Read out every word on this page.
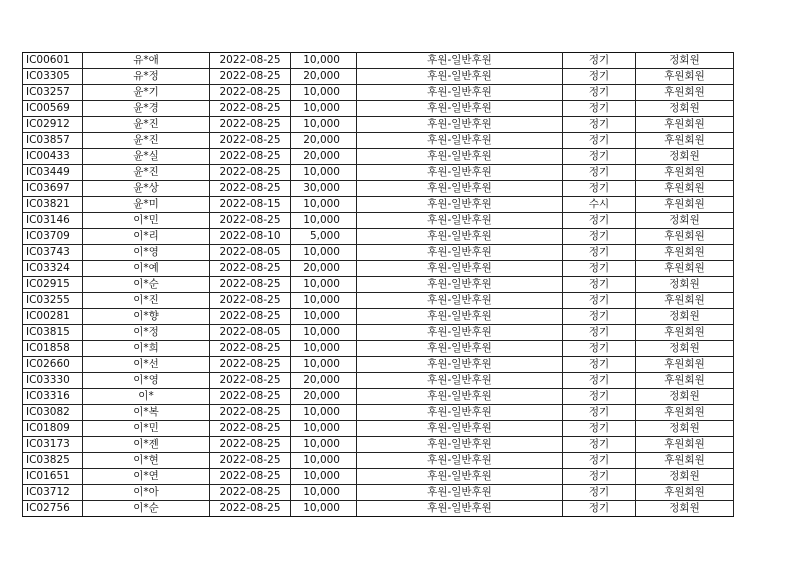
IC00601	유*애	2022-08-25	10,000	후원-일반후원	정기	정회원
IC03305	유*정	2022-08-25	20,000	후원-일반후원	정기	후원회원
IC03257	윤*기	2022-08-25	10,000	후원-일반후원	정기	후원회원
IC00569	윤*경	2022-08-25	10,000	후원-일반후원	정기	정회원
IC02912	윤*진	2022-08-25	10,000	후원-일반후원	정기	후원회원
IC03857	윤*진	2022-08-25	20,000	후원-일반후원	정기	후원회원
IC00433	윤*실	2022-08-25	20,000	후원-일반후원	정기	정회원
IC03449	윤*진	2022-08-25	10,000	후원-일반후원	정기	후원회원
IC03697	윤*상	2022-08-25	30,000	후원-일반후원	정기	후원회원
IC03821	윤*미	2022-08-15	10,000	후원-일반후원	수시	후원회원
IC03146	이*민	2022-08-25	10,000	후원-일반후원	정기	정회원
IC03709	이*리	2022-08-10	5,000	후원-일반후원	정기	후원회원
IC03743	이*영	2022-08-05	10,000	후원-일반후원	정기	후원회원
IC03324	이*예	2022-08-25	20,000	후원-일반후원	정기	후원회원
IC02915	이*순	2022-08-25	10,000	후원-일반후원	정기	정회원
IC03255	이*진	2022-08-25	10,000	후원-일반후원	정기	후원회원
IC00281	이*향	2022-08-25	10,000	후원-일반후원	정기	정회원
IC03815	이*정	2022-08-05	10,000	후원-일반후원	정기	후원회원
IC01858	이*희	2022-08-25	10,000	후원-일반후원	정기	정회원
IC02660	이*선	2022-08-25	10,000	후원-일반후원	정기	후원회원
IC03330	이*영	2022-08-25	20,000	후원-일반후원	정기	후원회원
IC03316	이*	2022-08-25	20,000	후원-일반후원	정기	정회원
IC03082	이*복	2022-08-25	10,000	후원-일반후원	정기	후원회원
IC01809	이*민	2022-08-25	10,000	후원-일반후원	정기	정회원
IC03173	이*젠	2022-08-25	10,000	후원-일반후원	정기	후원회원
IC03825	이*현	2022-08-25	10,000	후원-일반후원	정기	후원회원
IC01651	이*연	2022-08-25	10,000	후원-일반후원	정기	정회원
IC03712	이*아	2022-08-25	10,000	후원-일반후원	정기	후원회원
IC02756	이*순	2022-08-25	10,000	후원-일반후원	정기	정회원
